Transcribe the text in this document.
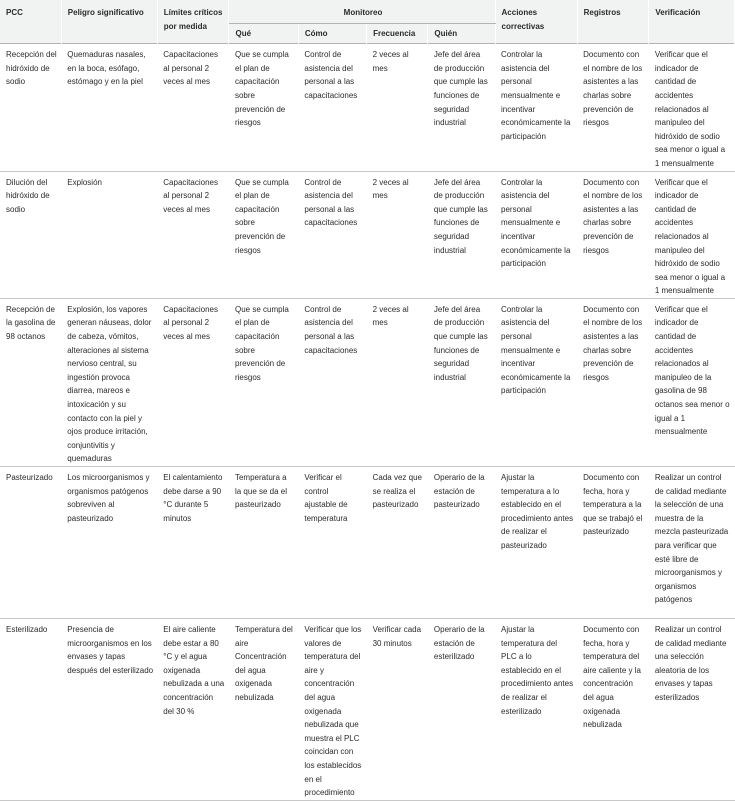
PCC	Peligro significativo	Límites críticos por medida	Monitoreo				Acciones correctivas	Registros	Verificación
			Qué	Cómo	Frecuencia	Quién			
Recepción del hidróxido de sodio	Quemaduras nasales, en la boca, esófago, estómago y en la piel	Capacitaciones al personal 2 veces al mes	Que se cumpla el plan de capacitación sobre prevención de riesgos	Control de asistencia del personal a las capacitaciones	2 veces al mes	Jefe del área de producción que cumple las funciones de seguridad industrial	Controlar la asistencia del personal mensualmente e incentivar económicamente la participación	Documento con el nombre de los asistentes a las charlas sobre prevención de riesgos	Verificar que el indicador de cantidad de accidentes relacionados al manipuleo del hidróxido de sodio sea menor o igual a 1 mensualmente
Dilución del hidróxido de sodio	Explosión	Capacitaciones al personal 2 veces al mes	Que se cumpla el plan de capacitación sobre prevención de riesgos	Control de asistencia del personal a las capacitaciones	2 veces al mes	Jefe del área de producción que cumple las funciones de seguridad industrial	Controlar la asistencia del personal mensualmente e incentivar económicamente la participación	Documento con el nombre de los asistentes a las charlas sobre prevención de riesgos	Verificar que el indicador de cantidad de accidentes relacionados al manipuleo del hidróxido de sodio sea menor o igual a 1 mensualmente
Recepción de la gasolina de 98 octanos	Explosión, los vapores generan náuseas, dolor de cabeza, vómitos, alteraciones al sistema nervioso central, su ingestión provoca diarrea, mareos e intoxicación y su contacto con la piel y ojos produce irritación, conjuntivitis y quemaduras	Capacitaciones al personal 2 veces al mes	Que se cumpla el plan de capacitación sobre prevención de riesgos	Control de asistencia del personal a las capacitaciones	2 veces al mes	Jefe del área de producción que cumple las funciones de seguridad industrial	Controlar la asistencia del personal mensualmente e incentivar económicamente la participación	Documento con el nombre de los asistentes a las charlas sobre prevención de riesgos	Verificar que el indicador de cantidad de accidentes relacionados al manipuleo de la gasolina de 98 octanos sea menor o igual a 1 mensualmente
Pasteurizado	Los microorganismos y organismos patógenos sobreviven al pasteurizado	El calentamiento debe darse a 90 °C durante 5 minutos	Temperatura a la que se da el pasteurizado	Verificar el control ajustable de temperatura	Cada vez que se realiza el pasteurizado	Operario de la estación de pasteurizado	Ajustar la temperatura a lo establecido en el procedimiento antes de realizar el pasteurizado	Documento con fecha, hora y temperatura a la que se trabajó el pasteurizado	Realizar un control de calidad mediante la selección de una muestra de la mezcla pasteurizada para verificar que esté libre de microorganismos y organismos patógenos
Esterilizado	Presencia de microorganismos en los envases y tapas después del esterilizado	El aire caliente debe estar a 80 °C y el agua oxigenada nebulizada a una concentración del 30 %	Temperatura del aire Concentración del agua oxigenada nebulizada	Verificar que los valores de temperatura del aire y concentración del agua oxigenada nebulizada que muestra el PLC coincidan con los establecidos en el procedimiento	Verificar cada 30 minutos	Operario de la estación de esterilizado	Ajustar la temperatura del PLC a lo establecido en el procedimiento antes de realizar el esterilizado	Documento con fecha, hora y temperatura del aire caliente y la concentración del agua oxigenada nebulizada	Realizar un control de calidad mediante una selección aleatoria de los envases y tapas esterilizados
